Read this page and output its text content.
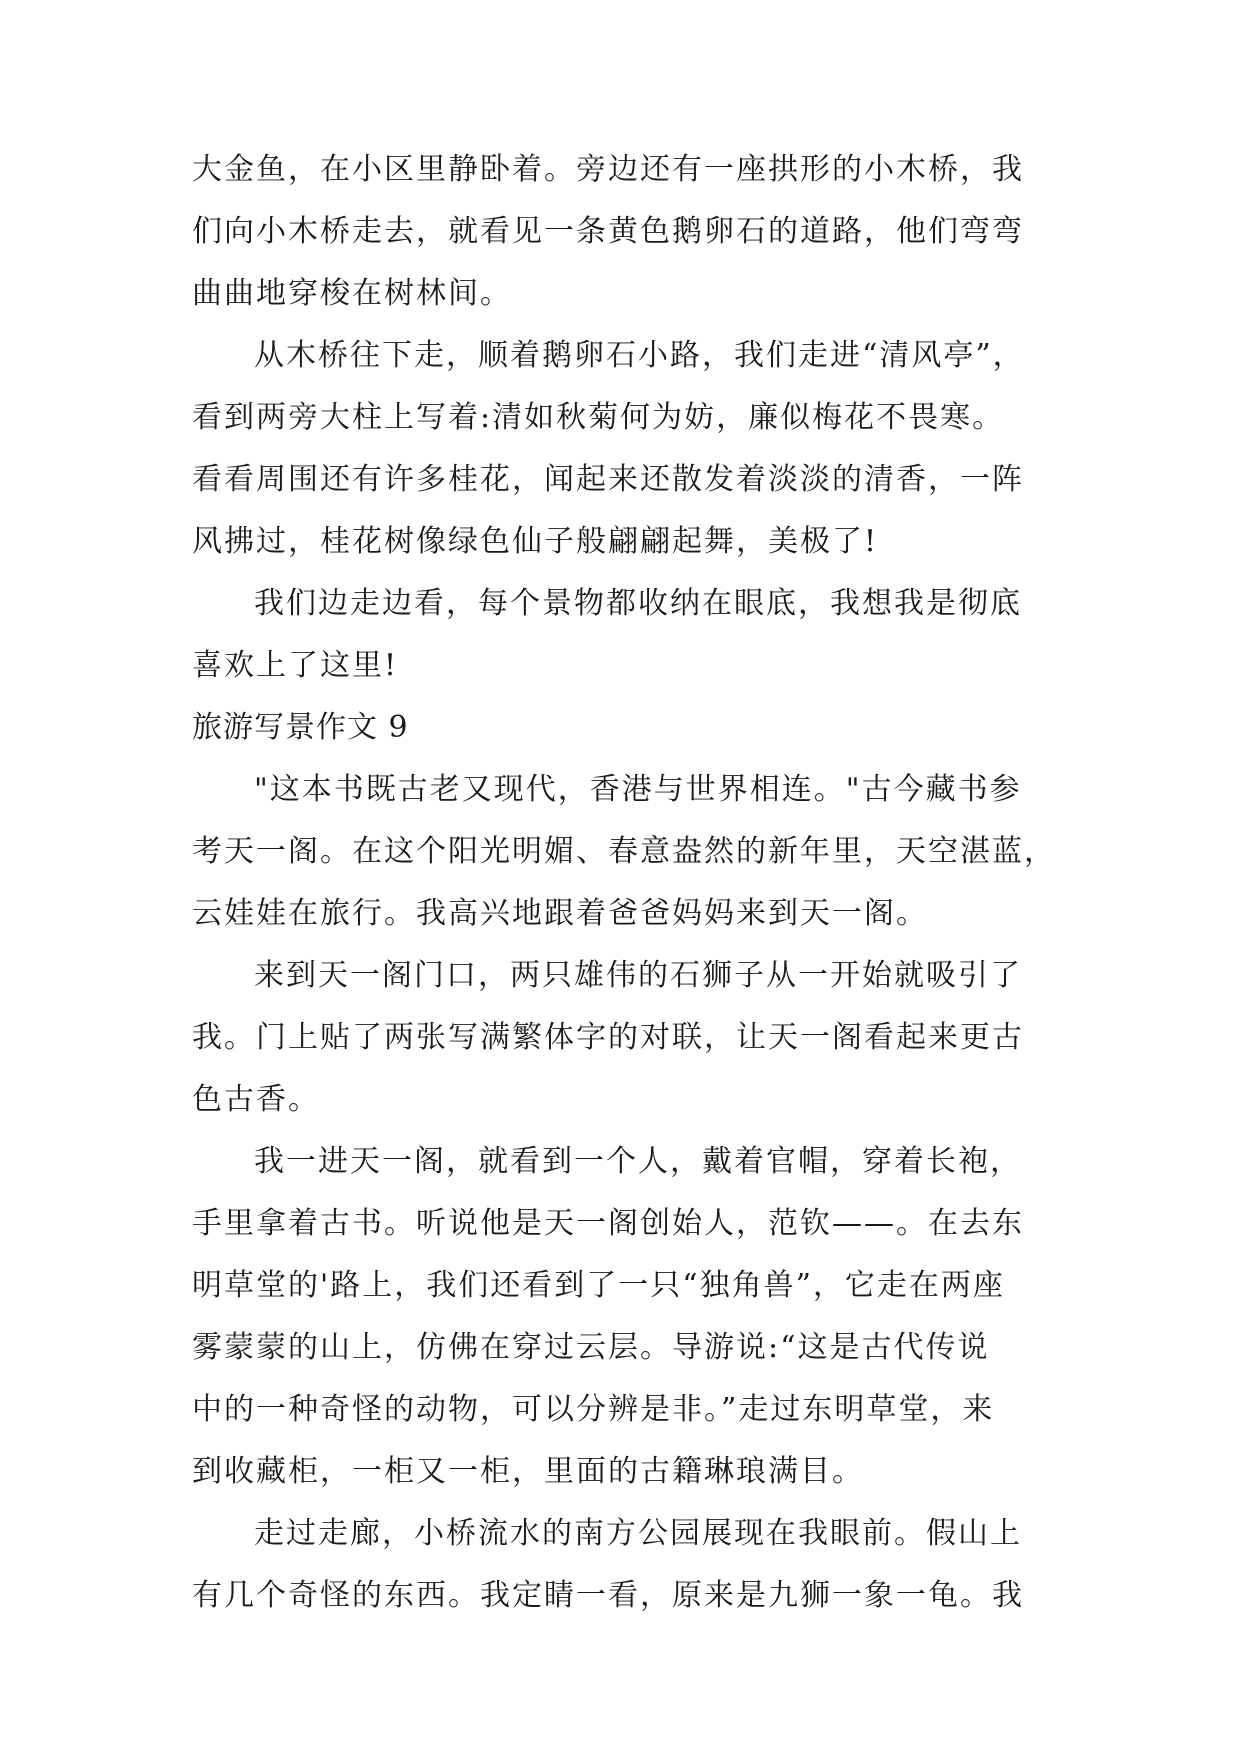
大金鱼，在小区里静卧着。旁边还有一座拱形的小木桥，我
们向小木桥走去，就看见一条黄色鹅卵石的道路，他们弯弯
曲曲地穿梭在树林间。
从木桥往下走，顺着鹅卵石小路，我们走进“清风亭”，
看到两旁大柱上写着:清如秋菊何为妨，廉似梅花不畏寒。
看看周围还有许多桂花，闻起来还散发着淡淡的清香，一阵
风拂过，桂花树像绿色仙子般翩翩起舞，美极了!
我们边走边看，每个景物都收纳在眼底，我想我是彻底
喜欢上了这里!
旅游写景作文 9
"这本书既古老又现代，香港与世界相连。"古今藏书参
考天一阁。在这个阳光明媚、春意盎然的新年里，天空湛蓝，
云娃娃在旅行。我高兴地跟着爸爸妈妈来到天一阁。
来到天一阁门口，两只雄伟的石狮子从一开始就吸引了
我。门上贴了两张写满繁体字的对联，让天一阁看起来更古
色古香。
我一进天一阁，就看到一个人，戴着官帽，穿着长袍，
手里拿着古书。听说他是天一阁创始人，范钦——。在去东
明草堂的'路上，我们还看到了一只“独角兽”，它走在两座
雾蒙蒙的山上，仿佛在穿过云层。导游说:“这是古代传说
中的一种奇怪的动物，可以分辨是非。”走过东明草堂，来
到收藏柜，一柜又一柜，里面的古籍琳琅满目。
走过走廊，小桥流水的南方公园展现在我眼前。假山上
有几个奇怪的东西。我定睛一看，原来是九狮一象一龟。我
